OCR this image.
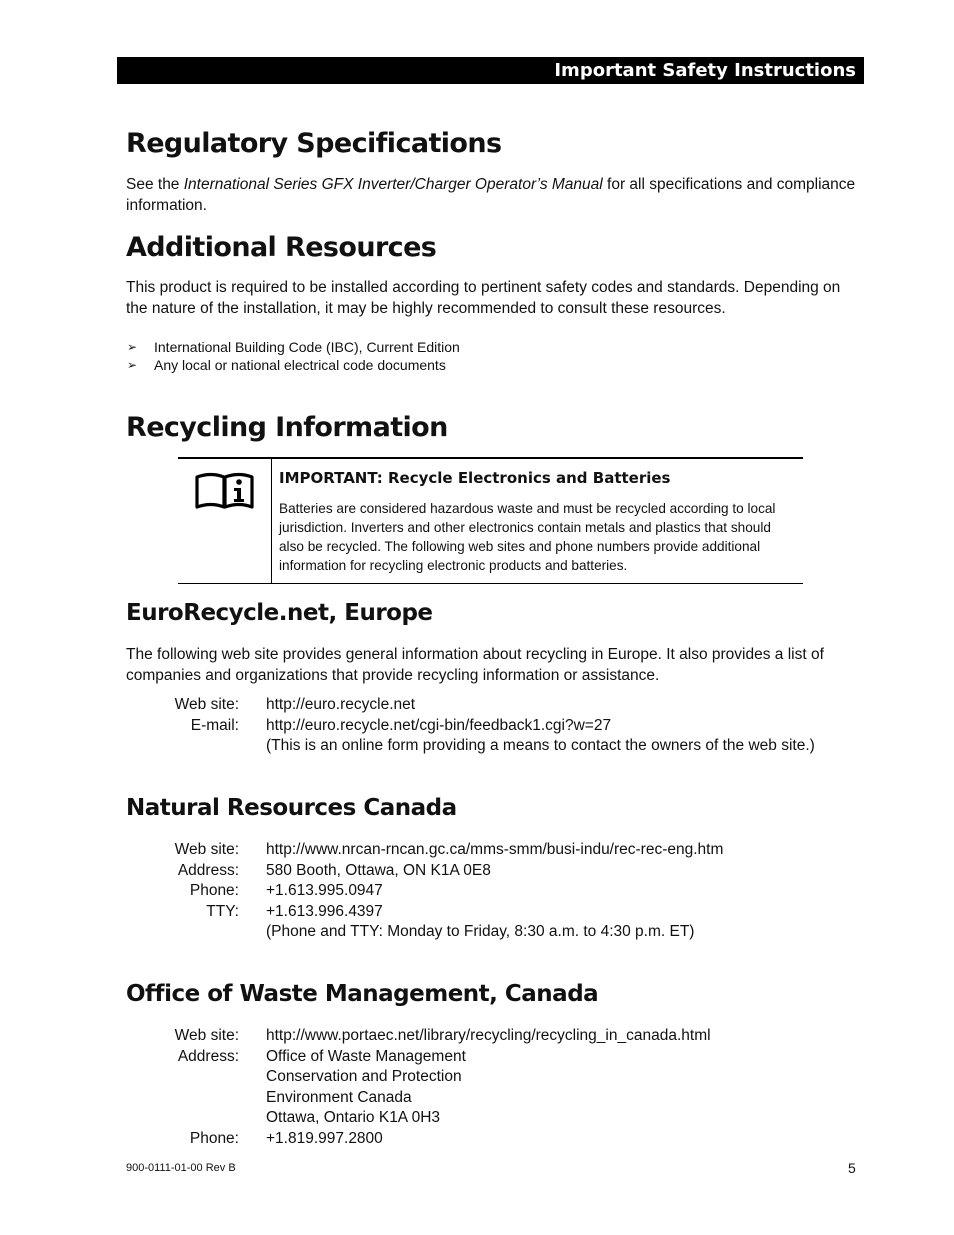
Important Safety Instructions
Regulatory Specifications

See the International Series GFX Inverter/Charger Operator’s Manual for all specifications and compliance information.

Additional Resources

This product is required to be installed according to pertinent safety codes and standards. Depending on the nature of the installation, it may be highly recommended to consult these resources.

➢ International Building Code (IBC), Current Edition
➢ Any local or national electrical code documents
Recycling Information
IMPORTANT: Recycle Electronics and Batteries

Batteries are considered hazardous waste and must be recycled according to local jurisdiction. Inverters and other electronics contain metals and plastics that should also be recycled. The following web sites and phone numbers provide additional information for recycling electronic products and batteries.

EuroRecycle.net, Europe

The following web site provides general information about recycling in Europe. It also provides a list of companies and organizations that provide recycling information or assistance.

Web site: http://euro.recycle.net
E-mail: http://euro.recycle.net/cgi-bin/feedback1.cgi?w=27
(This is an online form providing a means to contact the owners of the web site.)
Natural Resources Canada
Web site: http://www.nrcan-rncan.gc.ca/mms-smm/busi-indu/rec-rec-eng.htm
Address: 580 Booth, Ottawa, ON K1A 0E8
Phone: +1.613.995.0947
TTY: +1.613.996.4397
(Phone and TTY: Monday to Friday, 8:30 a.m. to 4:30 p.m. ET)
Office of Waste Management, Canada
Web site: http://www.portaec.net/library/recycling/recycling_in_canada.html
Address: Office of Waste Management
Conservation and Protection
Environment Canada
Ottawa, Ontario K1A 0H3
Phone: +1.819.997.2800
900-0111-01-00 Rev B	5
